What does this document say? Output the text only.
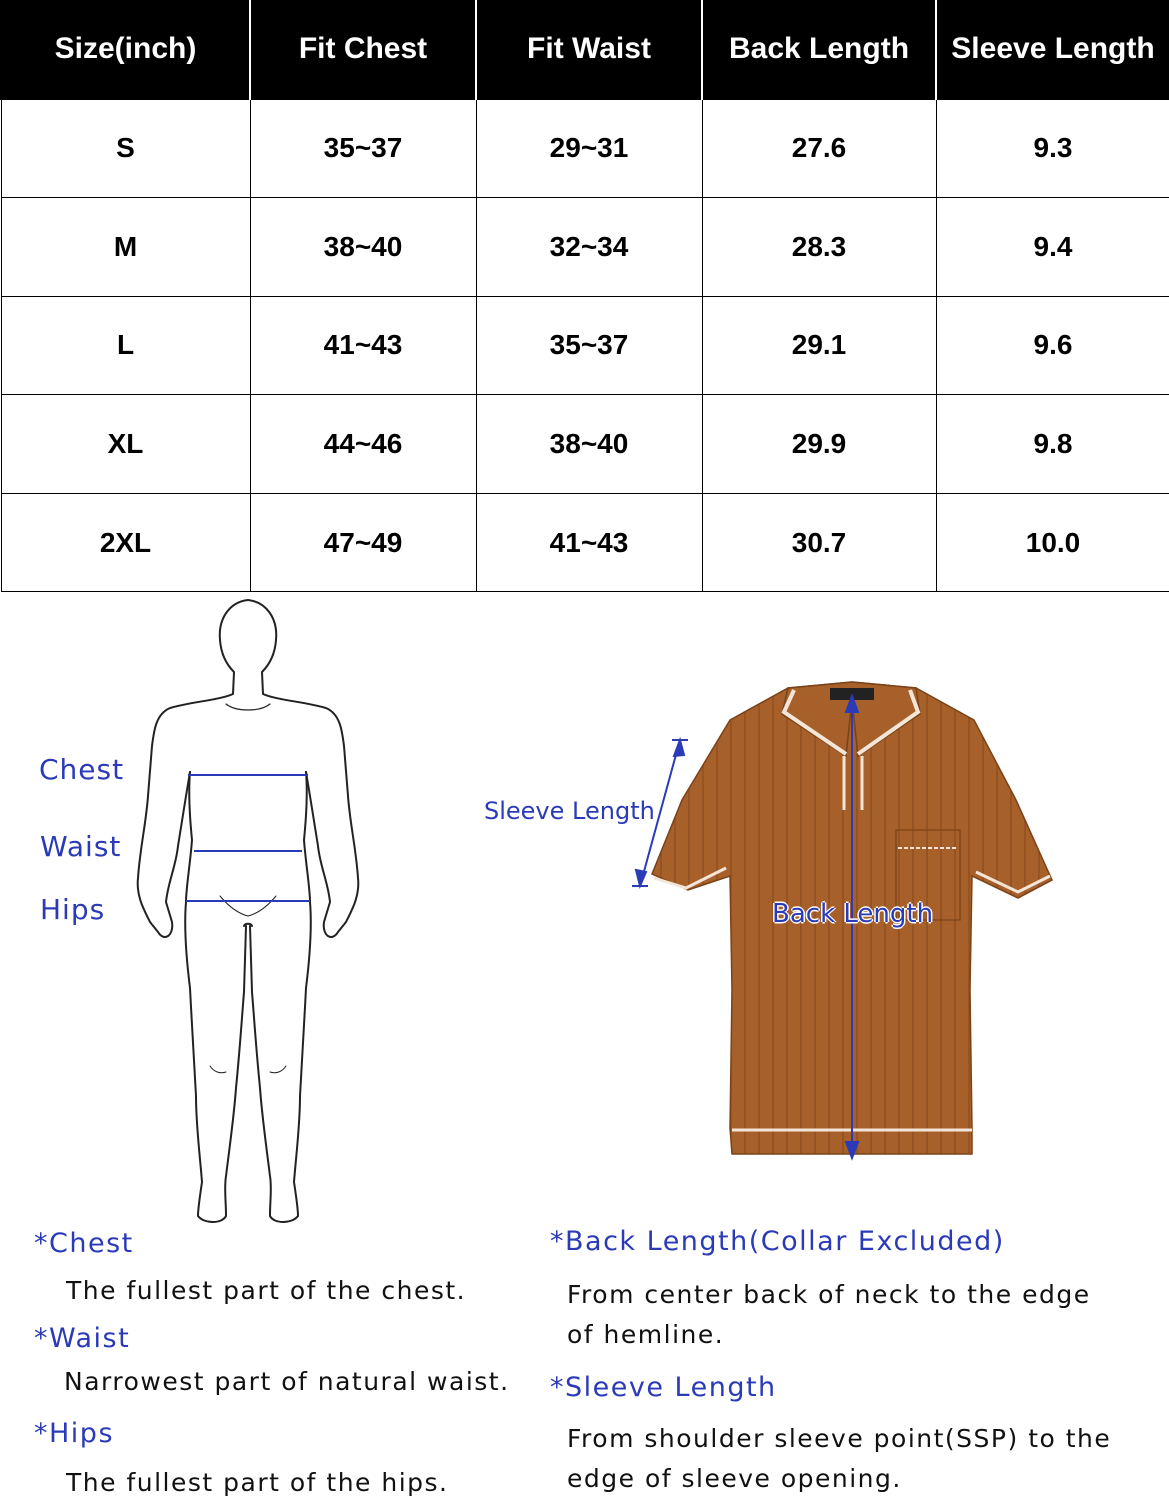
Size(inch)	Fit Chest	Fit Waist	Back Length	Sleeve Length
S	35~37	29~31	27.6	9.3
M	38~40	32~34	28.3	9.4
L	41~43	35~37	29.1	9.6
XL	44~46	38~40	29.9	9.8
2XL	47~49	41~43	30.7	10.0
Chest
Waist
Hips
Sleeve Length
Back Length
*Chest
The fullest part of the chest.
*Waist
Narrowest part of natural waist.
*Hips
The fullest part of the hips.
*Back Length(Collar Excluded)
From center back of neck to the edge
of hemline.
*Sleeve Length
From shoulder sleeve point(SSP) to the
edge of sleeve opening.
